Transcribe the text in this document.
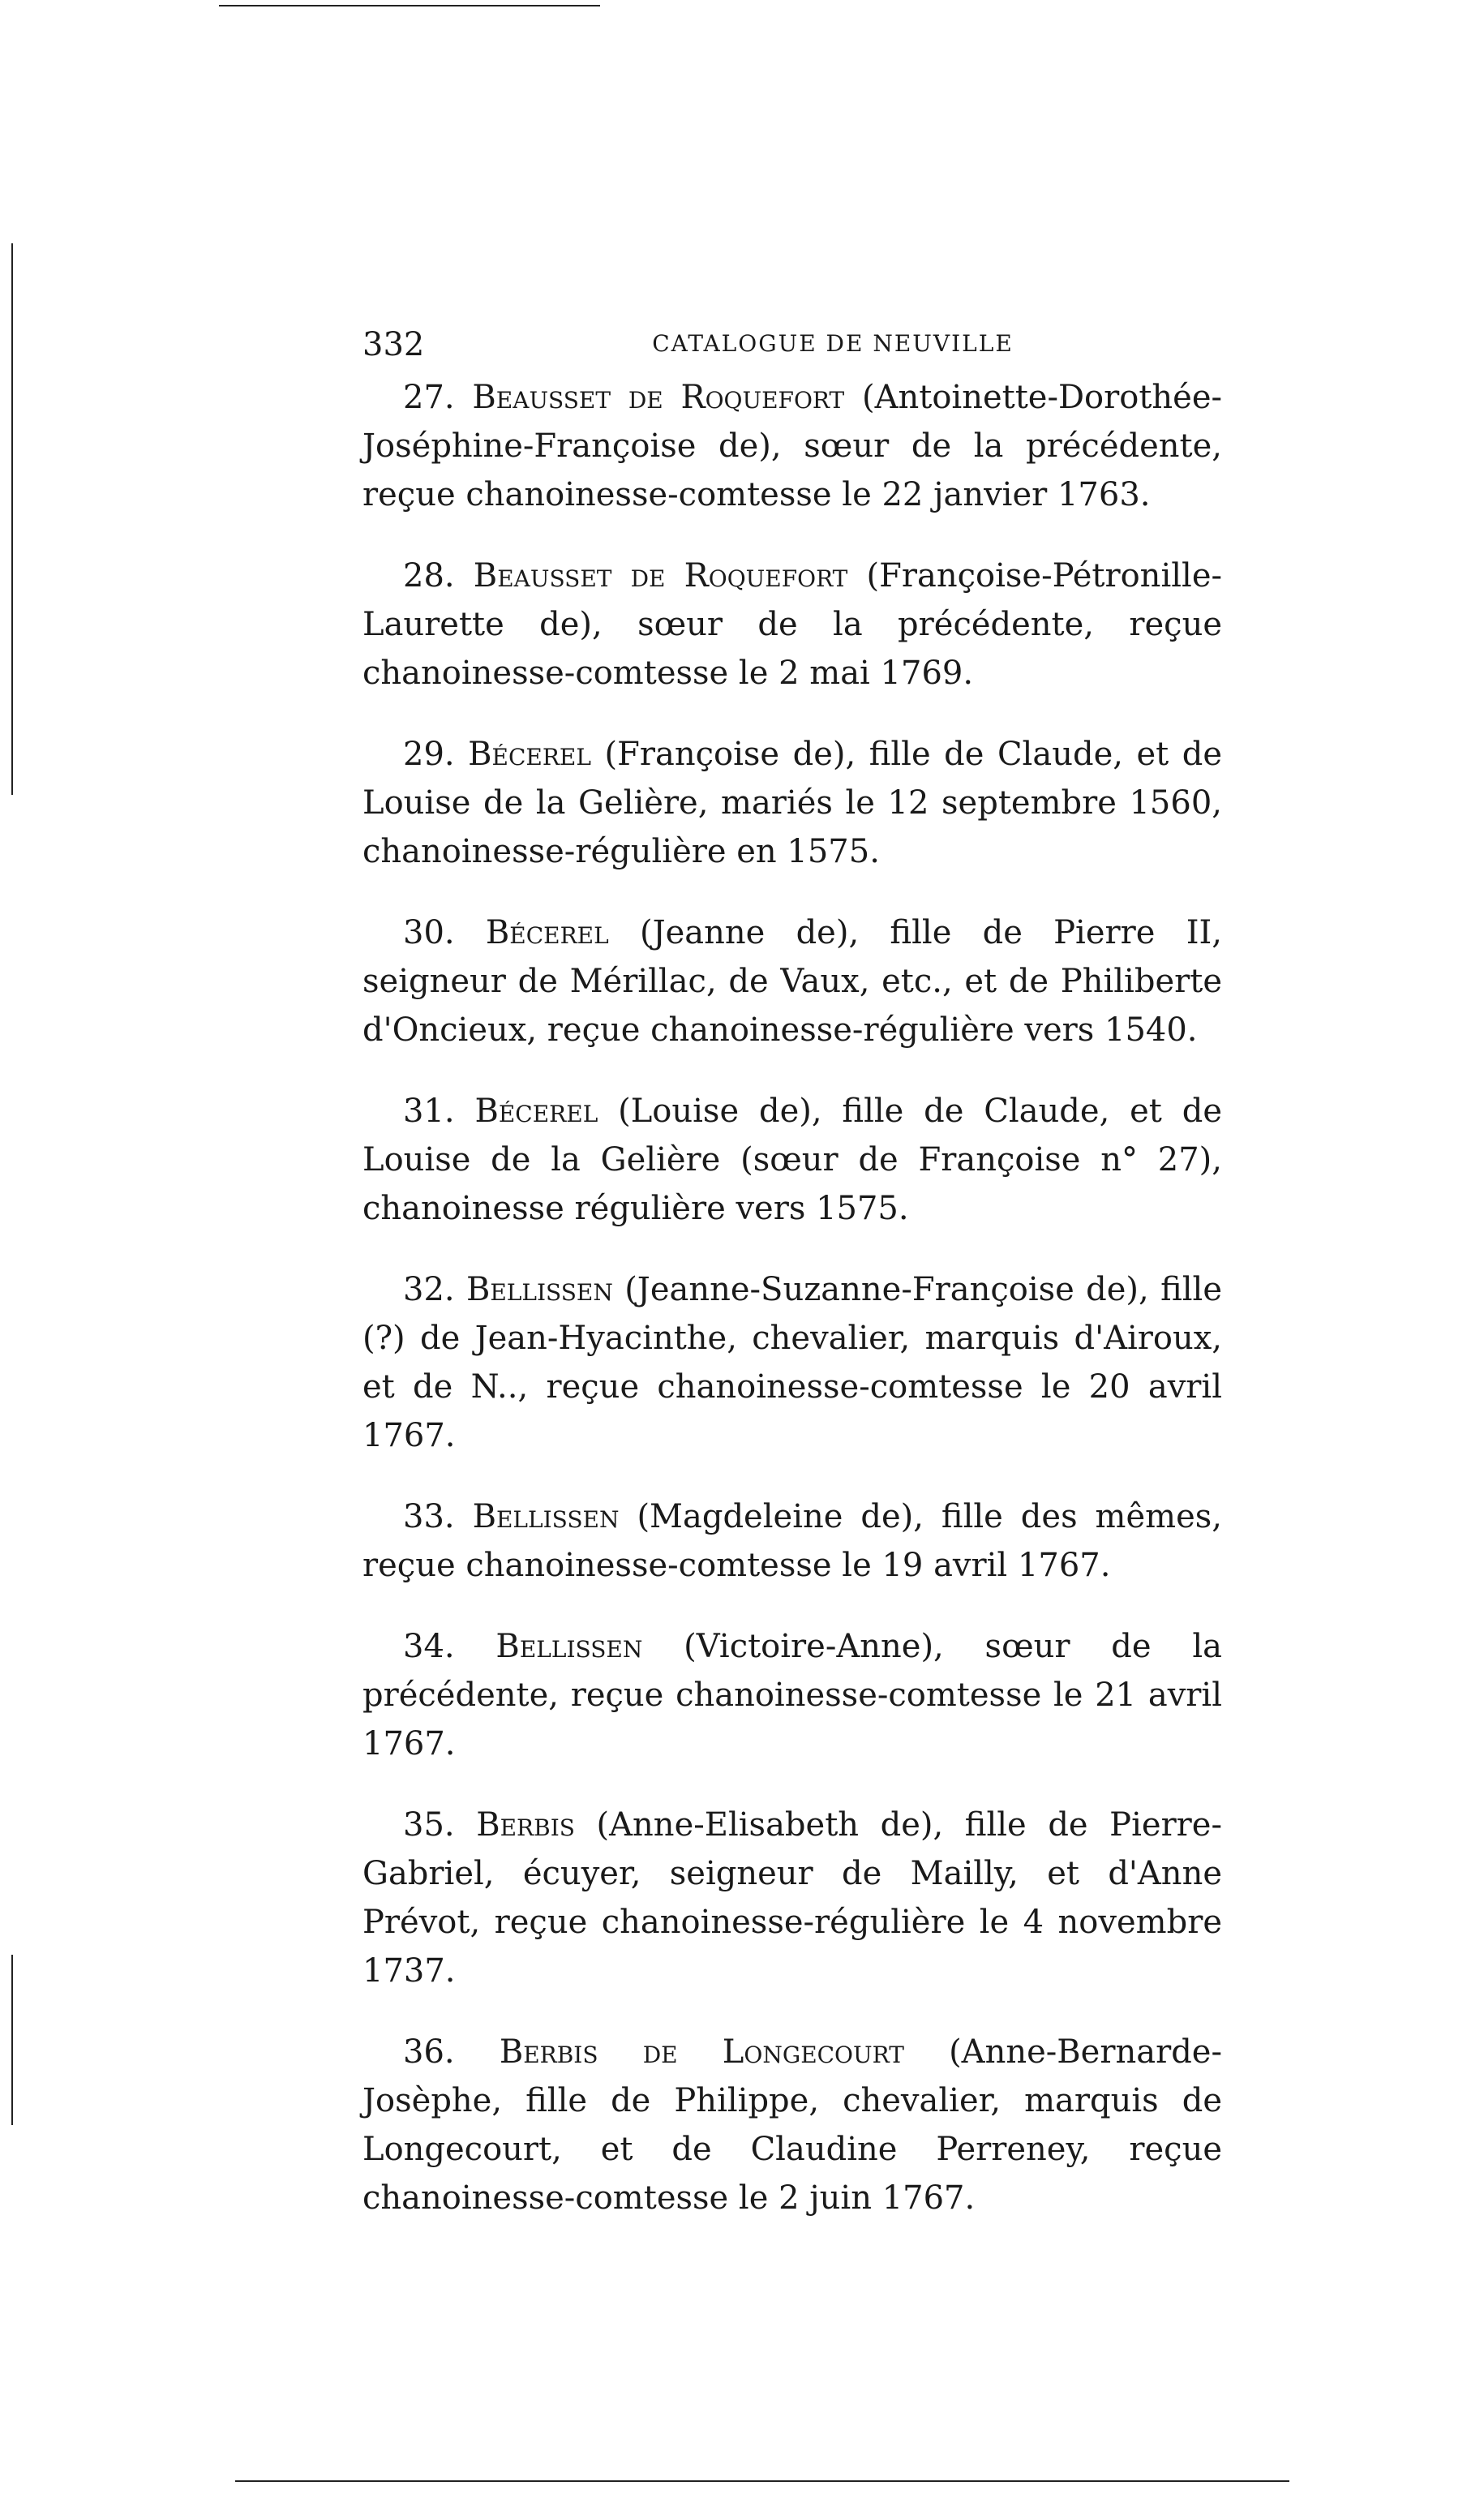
332	CATALOGUE DE NEUVILLE

27. Beausset de Roquefort (Antoinette-Dorothée-Joséphine-Françoise de), sœur de la précédente, reçue chanoinesse-comtesse le 22 janvier 1763.

28. Beausset de Roquefort (Françoise-Pétronille-Laurette de), sœur de la précédente, reçue chanoinesse-comtesse le 2 mai 1769.

29. Bécerel (Françoise de), fille de Claude, et de Louise de la Gelière, mariés le 12 septembre 1560, chanoinesse-régulière en 1575.

30. Bécerel (Jeanne de), fille de Pierre II, seigneur de Mérillac, de Vaux, etc., et de Philiberte d'Oncieux, reçue chanoinesse-régulière vers 1540.

31. Bécerel (Louise de), fille de Claude, et de Louise de la Gelière (sœur de Françoise n° 27), chanoinesse régulière vers 1575.

32. Bellissen (Jeanne-Suzanne-Françoise de), fille (?) de Jean-Hyacinthe, chevalier, marquis d'Airoux, et de N.., reçue chanoinesse-comtesse le 20 avril 1767.

33. Bellissen (Magdeleine de), fille des mêmes, reçue chanoinesse-comtesse le 19 avril 1767.

34. Bellissen (Victoire-Anne), sœur de la précédente, reçue chanoinesse-comtesse le 21 avril 1767.

35. Berbis (Anne-Elisabeth de), fille de Pierre-Gabriel, écuyer, seigneur de Mailly, et d'Anne Prévot, reçue chanoinesse-régulière le 4 novembre 1737.

36. Berbis de Longecourt (Anne-Bernarde-Josèphe, fille de Philippe, chevalier, marquis de Longecourt, et de Claudine Perreney, reçue chanoinesse-comtesse le 2 juin 1767.
